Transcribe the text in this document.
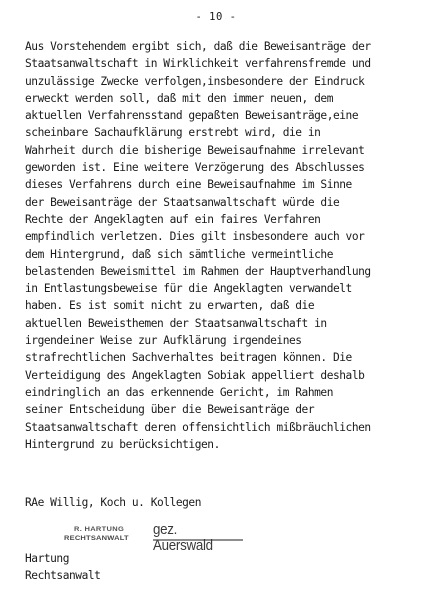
- 10 -
Aus Vorstehendem ergibt sich, daß die Beweisanträge der
Staatsanwaltschaft in Wirklichkeit verfahrensfremde und
unzulässige Zwecke verfolgen,insbesondere der Eindruck
erweckt werden soll, daß mit den immer neuen, dem
aktuellen Verfahrensstand gepaßten Beweisanträge,eine
scheinbare Sachaufklärung erstrebt wird, die in
Wahrheit durch die bisherige Beweisaufnahme irrelevant
geworden ist. Eine weitere Verzögerung des Abschlusses
dieses Verfahrens durch eine Beweisaufnahme im Sinne
der Beweisanträge der Staatsanwaltschaft würde die
Rechte der Angeklagten auf ein faires Verfahren
empfindlich verletzen. Dies gilt insbesondere auch vor
dem Hintergrund, daß sich sämtliche vermeintliche
belastenden Beweismittel im Rahmen der Hauptverhandlung
in Entlastungsbeweise für die Angeklagten verwandelt
haben. Es ist somit nicht zu erwarten, daß die
aktuellen Beweisthemen der Staatsanwaltschaft in
irgendeiner Weise zur Aufklärung irgendeines
strafrechtlichen Sachverhaltes beitragen können. Die
Verteidigung des Angeklagten Sobiak appelliert deshalb
eindringlich an das erkennende Gericht, im Rahmen
seiner Entscheidung über die Beweisanträge der
Staatsanwaltschaft deren offensichtlich mißbräuchlichen
Hintergrund zu berücksichtigen.
RAe Willig, Koch u. Kollegen
R. HARTUNG
RECHTSANWALT gez. Auerswald
Hartung
Rechtsanwalt
